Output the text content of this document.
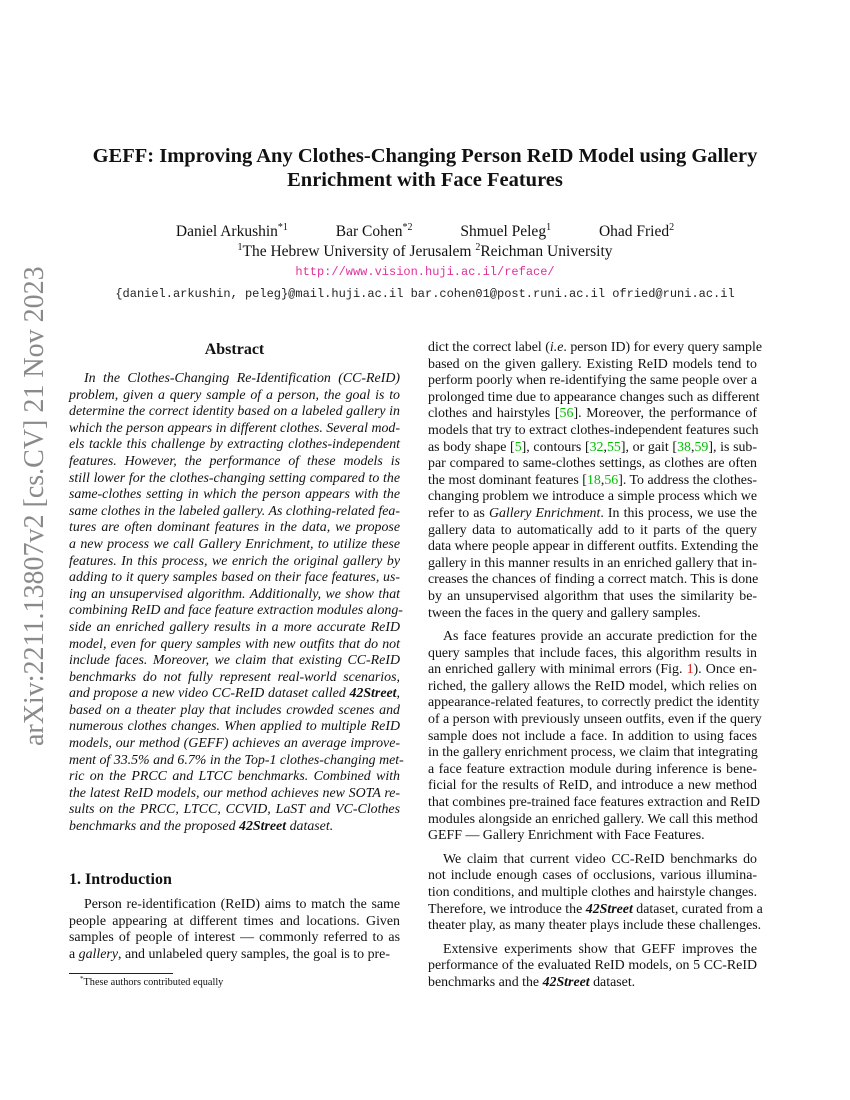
arXiv:2211.13807v2 [cs.CV] 21 Nov 2023
GEFF: Improving Any Clothes-Changing Person ReID Model using Gallery
Enrichment with Face Features
Daniel Arkushin$^{*1}$	Bar Cohen$^{*2}$	Shmuel Peleg$^1$	Ohad Fried$^2$
$^1$The Hebrew University of Jerusalem $^2$Reichman University
http://www.vision.huji.ac.il/reface/
{daniel.arkushin, peleg}@mail.huji.ac.il bar.cohen01@post.runi.ac.il ofried@runi.ac.il
Abstract
In the Clothes-Changing Re-Identification (CC-ReID)
problem, given a query sample of a person, the goal is to
determine the correct identity based on a labeled gallery in
which the person appears in different clothes. Several mod-
els tackle this challenge by extracting clothes-independent
features. However, the performance of these models is
still lower for the clothes-changing setting compared to the
same-clothes setting in which the person appears with the
same clothes in the labeled gallery. As clothing-related fea-
tures are often dominant features in the data, we propose
a new process we call Gallery Enrichment, to utilize these
features. In this process, we enrich the original gallery by
adding to it query samples based on their face features, us-
ing an unsupervised algorithm. Additionally, we show that
combining ReID and face feature extraction modules along-
side an enriched gallery results in a more accurate ReID
model, even for query samples with new outfits that do not
include faces. Moreover, we claim that existing CC-ReID
benchmarks do not fully represent real-world scenarios,
and propose a new video CC-ReID dataset called 42Street,
based on a theater play that includes crowded scenes and
numerous clothes changes. When applied to multiple ReID
models, our method (GEFF) achieves an average improve-
ment of 33.5% and 6.7% in the Top-1 clothes-changing met-
ric on the PRCC and LTCC benchmarks. Combined with
the latest ReID models, our method achieves new SOTA re-
sults on the PRCC, LTCC, CCVID, LaST and VC-Clothes
benchmarks and the proposed 42Street dataset.
1. Introduction
Person re-identification (ReID) aims to match the same
people appearing at different times and locations. Given
samples of people of interest — commonly referred to as
a gallery, and unlabeled query samples, the goal is to pre-
dict the correct label (i.e. person ID) for every query sample
based on the given gallery. Existing ReID models tend to
perform poorly when re-identifying the same people over a
prolonged time due to appearance changes such as different
clothes and hairstyles [56]. Moreover, the performance of
models that try to extract clothes-independent features such
as body shape [5], contours [32,55], or gait [38,59], is sub-
par compared to same-clothes settings, as clothes are often
the most dominant features [18,56]. To address the clothes-
changing problem we introduce a simple process which we
refer to as Gallery Enrichment. In this process, we use the
gallery data to automatically add to it parts of the query
data where people appear in different outfits. Extending the
gallery in this manner results in an enriched gallery that in-
creases the chances of finding a correct match. This is done
by an unsupervised algorithm that uses the similarity be-
tween the faces in the query and gallery samples.
As face features provide an accurate prediction for the
query samples that include faces, this algorithm results in
an enriched gallery with minimal errors (Fig. 1). Once en-
riched, the gallery allows the ReID model, which relies on
appearance-related features, to correctly predict the identity
of a person with previously unseen outfits, even if the query
sample does not include a face. In addition to using faces
in the gallery enrichment process, we claim that integrating
a face feature extraction module during inference is bene-
ficial for the results of ReID, and introduce a new method
that combines pre-trained face features extraction and ReID
modules alongside an enriched gallery. We call this method
GEFF — Gallery Enrichment with Face Features.
We claim that current video CC-ReID benchmarks do
not include enough cases of occlusions, various illumina-
tion conditions, and multiple clothes and hairstyle changes.
Therefore, we introduce the 42Street dataset, curated from a
theater play, as many theater plays include these challenges.
Extensive experiments show that GEFF improves the
performance of the evaluated ReID models, on 5 CC-ReID
benchmarks and the 42Street dataset.
*These authors contributed equally
